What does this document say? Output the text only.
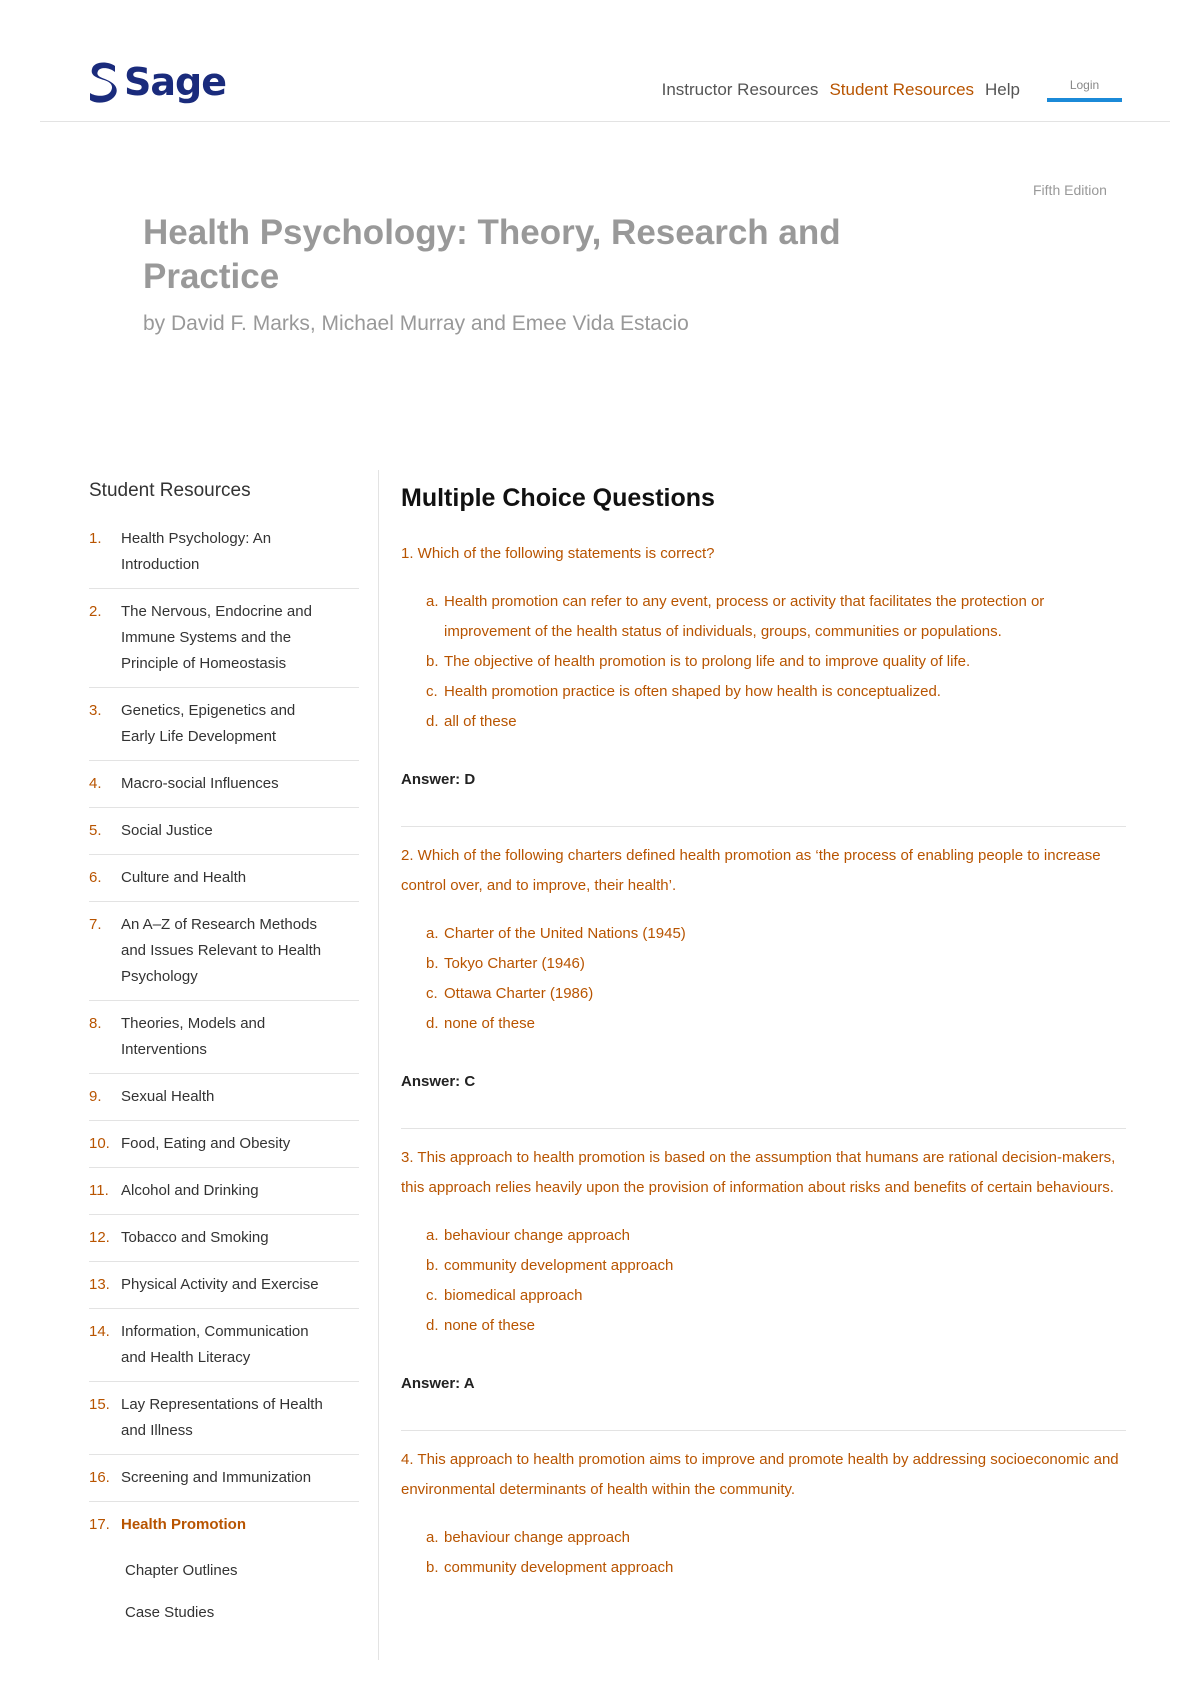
Sage	Instructor Resources Student Resources Help	Login
Fifth Edition
Health Psychology: Theory, Research and Practice
by David F. Marks, Michael Murray and Emee Vida Estacio
Student Resources
1.	Health Psychology: An Introduction
2.	The Nervous, Endocrine and Immune Systems and the Principle of Homeostasis
3.	Genetics, Epigenetics and Early Life Development
4.	Macro-social Influences
5.	Social Justice
6.	Culture and Health
7.	An A–Z of Research Methods and Issues Relevant to Health Psychology
8.	Theories, Models and Interventions
9.	Sexual Health
10. Food, Eating and Obesity
11. Alcohol and Drinking
12. Tobacco and Smoking
13. Physical Activity and Exercise
14. Information, Communication and Health Literacy
15. Lay Representations of Health and Illness
16. Screening and Immunization
17. Health Promotion
Chapter Outlines
Case Studies
Multiple Choice Questions

1. Which of the following statements is correct?

a. Health promotion can refer to any event, process or activity that facilitates the protection or improvement of the health status of individuals, groups, communities or populations.
b. The objective of health promotion is to prolong life and to improve quality of life.
c. Health promotion practice is often shaped by how health is conceptualized.
d. all of these

Answer: D

2. Which of the following charters defined health promotion as ‘the process of enabling people to increase control over, and to improve, their health’.

a. Charter of the United Nations (1945)
b. Tokyo Charter (1946)
c. Ottawa Charter (1986)
d. none of these

Answer: C

3. This approach to health promotion is based on the assumption that humans are rational decision-makers, this approach relies heavily upon the provision of information about risks and benefits of certain behaviours.

a. behaviour change approach
b. community development approach
c. biomedical approach
d. none of these

Answer: A

4. This approach to health promotion aims to improve and promote health by addressing socioeconomic and environmental determinants of health within the community.

a. behaviour change approach
b. community development approach
